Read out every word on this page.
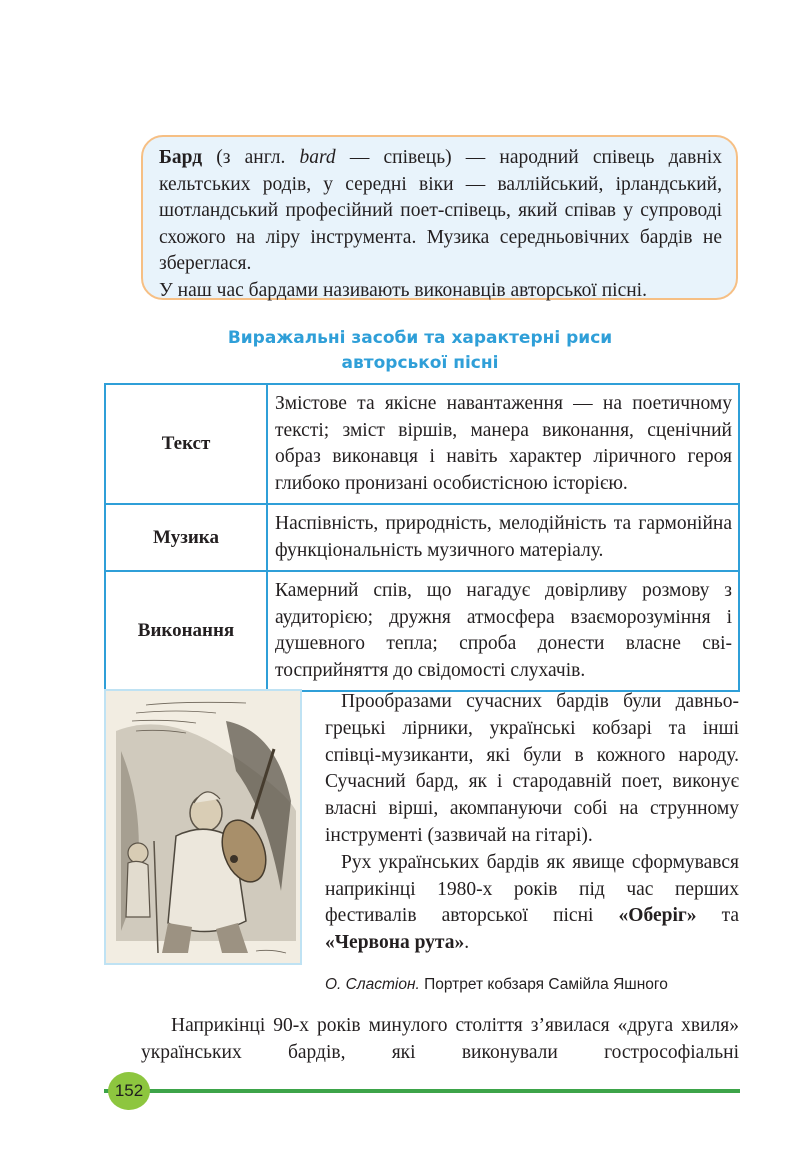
Бард (з англ. bard — співець) — народний співець давніх кельтських родів, у середні віки — валлійський, ірландський, шотландський професійний поет-співець, який співав у супроводі схожого на ліру інструмента. Музика середньовічних бардів не збереглася.

У наш час бардами називають виконавців авторської пісні.

Виражальні засоби та характерні риси
авторської пісні
Текст	Змістове та якісне навантаження — на поетичному тексті; зміст віршів, манера виконання, сценічний образ виконавця і навіть характер ліричного героя глибоко пронизані особистісною історією.
Музика	Наспівність, природність, мелодійність та гармонійна функціональність музичного матеріалу.
Виконання	Камерний спів, що нагадує довірливу розмову з аудиторією; дружня атмосфера взаєморозуміння і душевного тепла; спроба донести власне світосприйняття до свідомості слухачів.

Прообразами сучасних бардів були давньогрецькі лірники, українські кобзарі та інші співці-музиканти, які були в кожного народу. Сучасний бард, як і стародавній поет, виконує власні вірші, акомпануючи собі на струнному інструменті (зазвичай на гітарі).

Рух українських бардів як явище сформувався наприкінці 1980-х років під час перших фестивалів авторської пісні «Оберіг» та «Червона рута».

О. Сластіон. Портрет кобзаря Самійла Яшного

Наприкінці 90-х років минулого століття з’явилася «друга хвиля» українських бардів, які виконували гострософіальні

152
